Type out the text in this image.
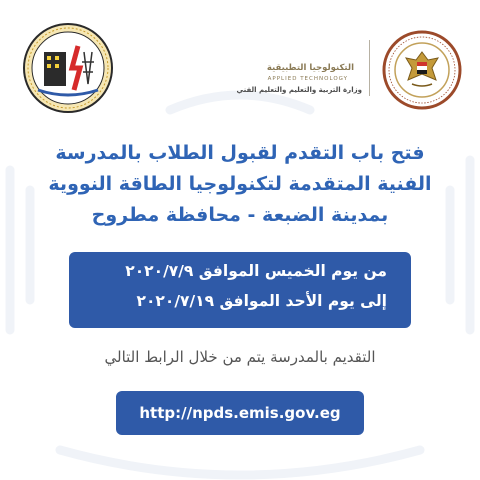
التكنولوجيا التطبيقية
APPLIED TECHNOLOGY
وزارة التربية والتعليم والتعليم الفني
فتح باب التقدم لقبول الطلاب بالمدرسة
الفنية المتقدمة لتكنولوجيا الطاقة النووية
بمدينة الضبعة - محافظة مطروح
من يوم الخميس الموافق ٢٠٢٠/٧/٩
إلى يوم الأحد الموافق ٢٠٢٠/٧/١٩
التقديم بالمدرسة يتم من خلال الرابط التالي
http://npds.emis.gov.eg
